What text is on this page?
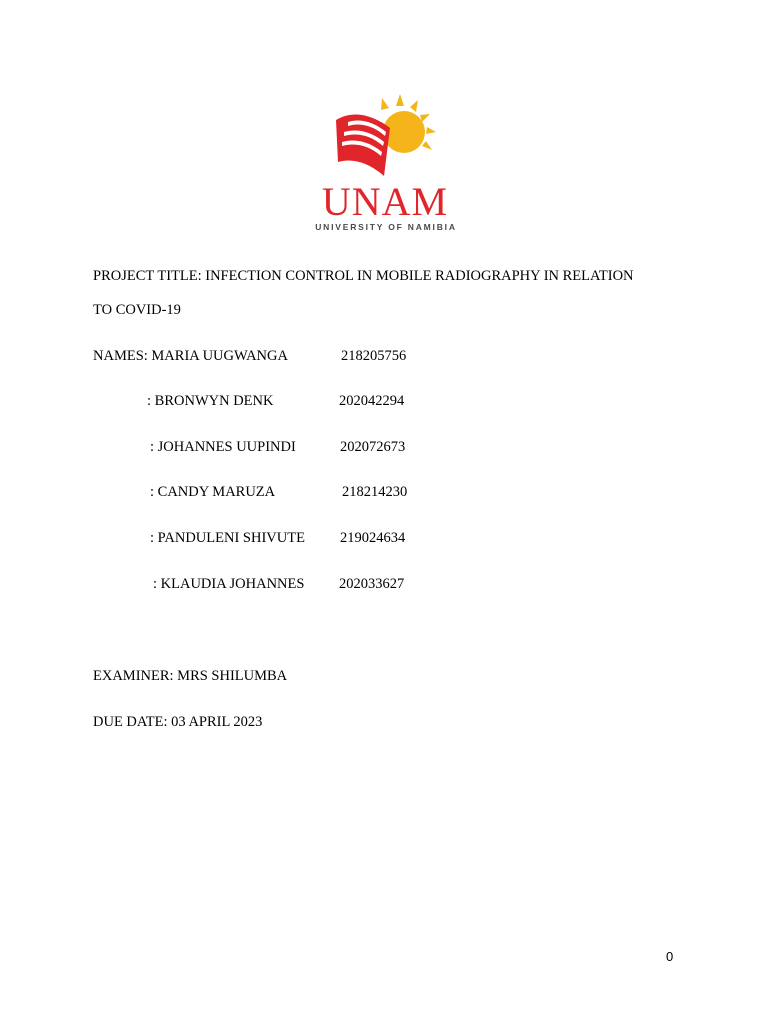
UNAM
UNIVERSITY OF NAMIBIA
PROJECT TITLE: INFECTION CONTROL IN MOBILE RADIOGRAPHY IN RELATION
TO COVID-19
NAMES: MARIA UUGWANGA	218205756
: BRONWYN DENK	202042294
: JOHANNES UUPINDI	202072673
: CANDY MARUZA	218214230
: PANDULENI SHIVUTE 219024634
: KLAUDIA JOHANNES 202033627
EXAMINER: MRS SHILUMBA
DUE DATE: 03 APRIL 2023
0
